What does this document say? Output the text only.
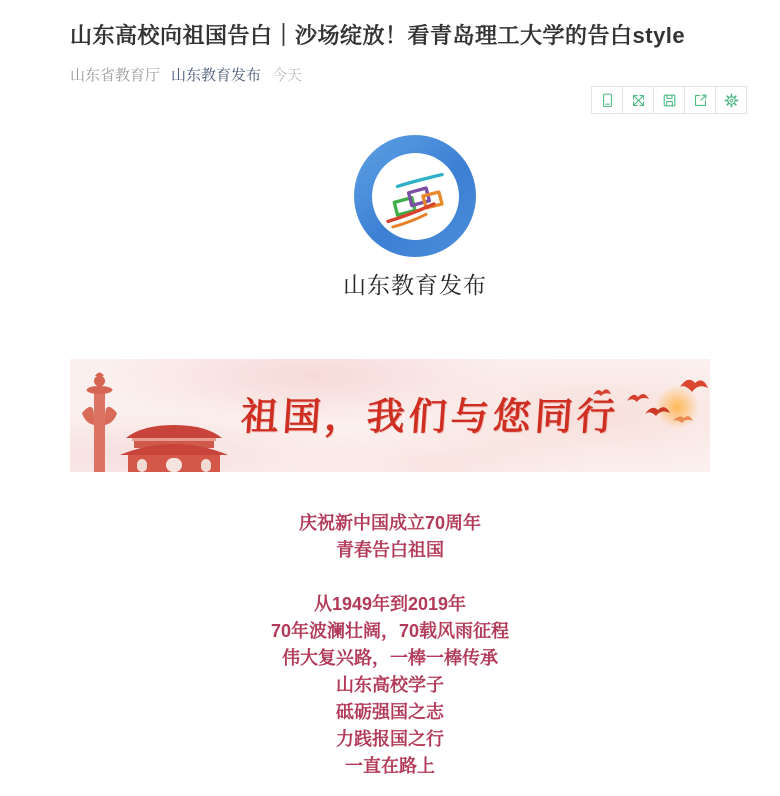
山东高校向祖国告白｜沙场绽放！看青岛理工大学的告白style
山东省教育厅 山东教育发布 今天
山东教育发布
祖国，我们与您同行

庆祝新中国成立70周年

青春告白祖国

从1949年到2019年

70年波澜壮阔，70载风雨征程

伟大复兴路，一棒一棒传承

山东高校学子

砥砺强国之志

力践报国之行

一直在路上
